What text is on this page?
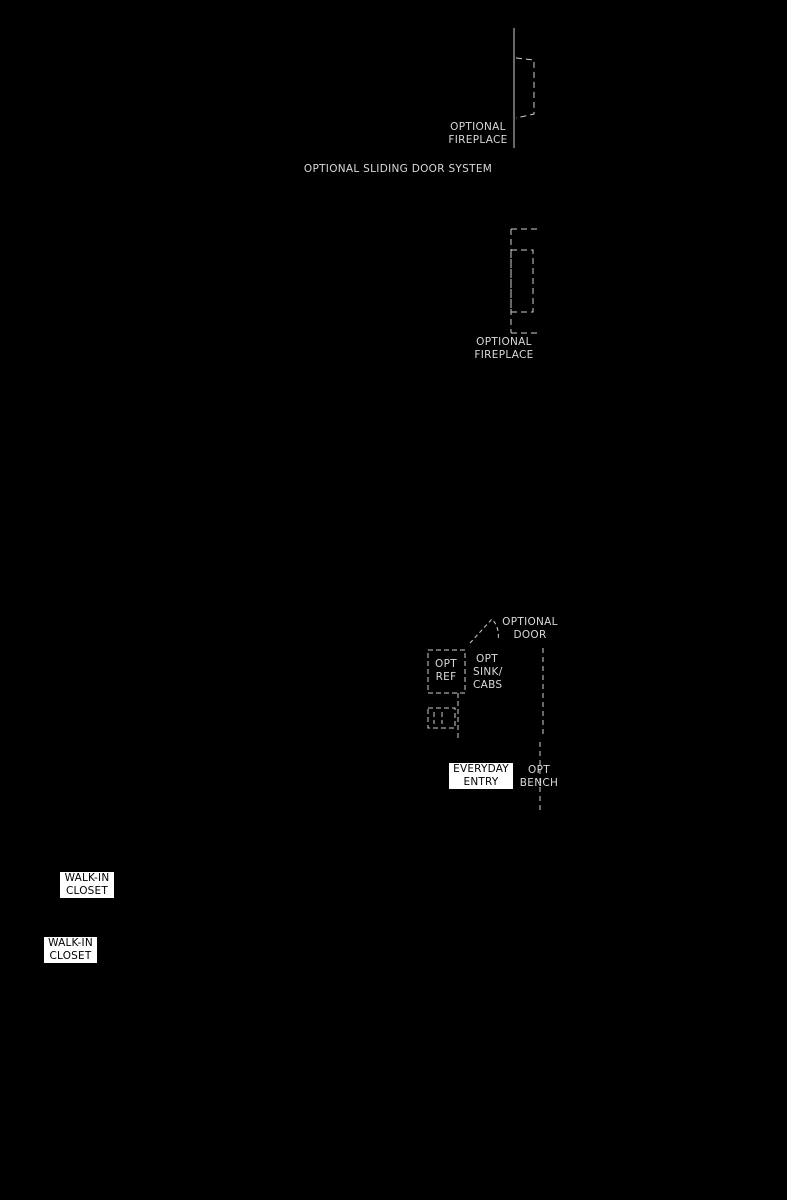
OPTIONAL
FIREPLACE
OPTIONAL SLIDING DOOR SYSTEM
OPTIONAL
FIREPLACE
OPTIONAL
DOOR
OPT
REF
OPT
SINK/
CABS
EVERYDAY
ENTRY
OPT
BENCH
WALK-IN
CLOSET
WALK-IN
CLOSET
